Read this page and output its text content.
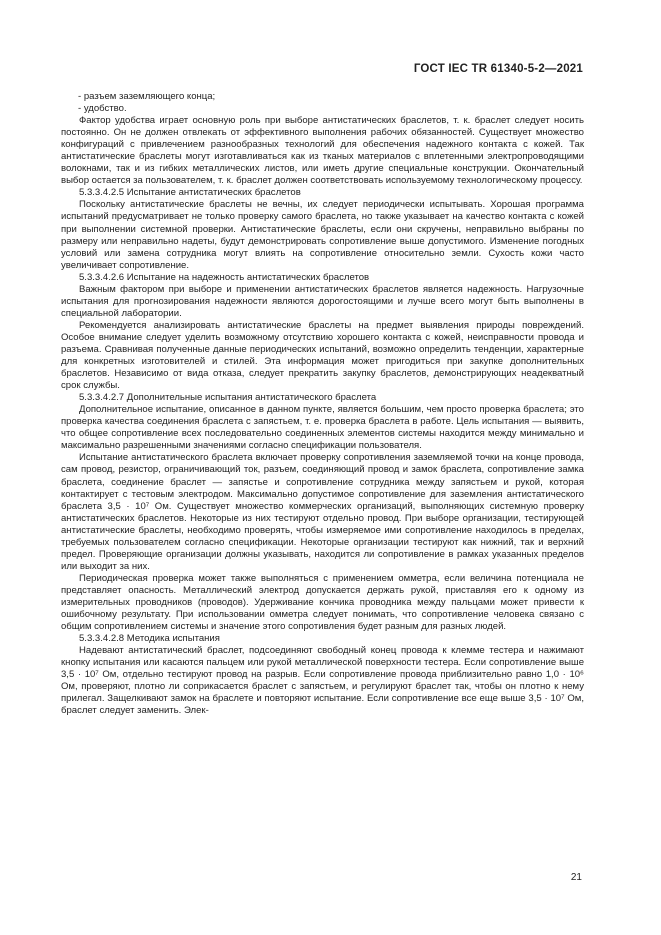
ГОСТ IEC TR 61340-5-2—2021

- разъем заземляющего конца;

- удобство.

Фактор удобства играет основную роль при выборе антистатических браслетов, т. к. браслет следует носить постоянно. Он не должен отвлекать от эффективного выполнения рабочих обязанностей. Существует множество конфигураций с привлечением разнообразных технологий для обеспечения надежного контакта с кожей. Так антистатические браслеты могут изготавливаться как из тканых материалов с вплетенными электропроводящими волокнами, так и из гибких металлических листов, или иметь другие специальные конструкции. Окончательный выбор остается за пользователем, т. к. браслет должен соответствовать используемому технологическому процессу.

5.3.3.4.2.5 Испытание антистатических браслетов

Поскольку антистатические браслеты не вечны, их следует периодически испытывать. Хорошая программа испытаний предусматривает не только проверку самого браслета, но также указывает на качество контакта с кожей при выполнении системной проверки. Антистатические браслеты, если они скручены, неправильно выбраны по размеру или неправильно надеты, будут демонстрировать сопротивление выше допустимого. Изменение погодных условий или замена сотрудника могут влиять на сопротивление относительно земли. Сухость кожи часто увеличивает сопротивление.

5.3.3.4.2.6 Испытание на надежность антистатических браслетов

Важным фактором при выборе и применении антистатических браслетов является надежность. Нагрузочные испытания для прогнозирования надежности являются дорогостоящими и лучше всего могут быть выполнены в специальной лаборатории.

Рекомендуется анализировать антистатические браслеты на предмет выявления природы повреждений. Особое внимание следует уделить возможному отсутствию хорошего контакта с кожей, неисправности провода и разъема. Сравнивая полученные данные периодических испытаний, возможно определить тенденции, характерные для конкретных изготовителей и стилей. Эта информация может пригодиться при закупке дополнительных браслетов. Независимо от вида отказа, следует прекратить закупку браслетов, демонстрирующих неадекватный срок службы.

5.3.3.4.2.7 Дополнительные испытания антистатического браслета

Дополнительное испытание, описанное в данном пункте, является большим, чем просто проверка браслета; это проверка качества соединения браслета с запястьем, т. е. проверка браслета в работе. Цель испытания — выявить, что общее сопротивление всех последовательно соединенных элементов системы находится между минимально и максимально разрешенными значениями согласно спецификации пользователя.

Испытание антистатического браслета включает проверку сопротивления заземляемой точки на конце провода, сам провод, резистор, ограничивающий ток, разъем, соединяющий провод и замок браслета, сопротивление замка браслета, соединение браслет — запястье и сопротивление сотрудника между запястьем и рукой, которая контактирует с тестовым электродом. Максимально допустимое сопротивление для заземления антистатического браслета 3,5 · 10⁷ Ом. Существует множество коммерческих организаций, выполняющих системную проверку антистатических браслетов. Некоторые из них тестируют отдельно провод. При выборе организации, тестирующей антистатические браслеты, необходимо проверять, чтобы измеряемое ими сопротивление находилось в пределах, требуемых пользователем согласно спецификации. Некоторые организации тестируют как нижний, так и верхний предел. Проверяющие организации должны указывать, находится ли сопротивление в рамках указанных пределов или выходит за них.

Периодическая проверка может также выполняться с применением омметра, если величина потенциала не представляет опасность. Металлический электрод допускается держать рукой, приставляя его к одному из измерительных проводников (проводов). Удерживание кончика проводника между пальцами может привести к ошибочному результату. При использовании омметра следует понимать, что сопротивление человека связано с общим сопротивлением системы и значение этого сопротивления будет разным для разных людей.

5.3.3.4.2.8 Методика испытания

Надевают антистатический браслет, подсоединяют свободный конец провода к клемме тестера и нажимают кнопку испытания или касаются пальцем или рукой металлической поверхности тестера. Если сопротивление выше 3,5 · 10⁷ Ом, отдельно тестируют провод на разрыв. Если сопротивление провода приблизительно равно 1,0 · 10⁶ Ом, проверяют, плотно ли соприкасается браслет с запястьем, и регулируют браслет так, чтобы он плотно к нему прилегал. Защелкивают замок на браслете и повторяют испытание. Если сопротивление все еще выше 3,5 · 10⁷ Ом, браслет следует заменить. Элек-

21
